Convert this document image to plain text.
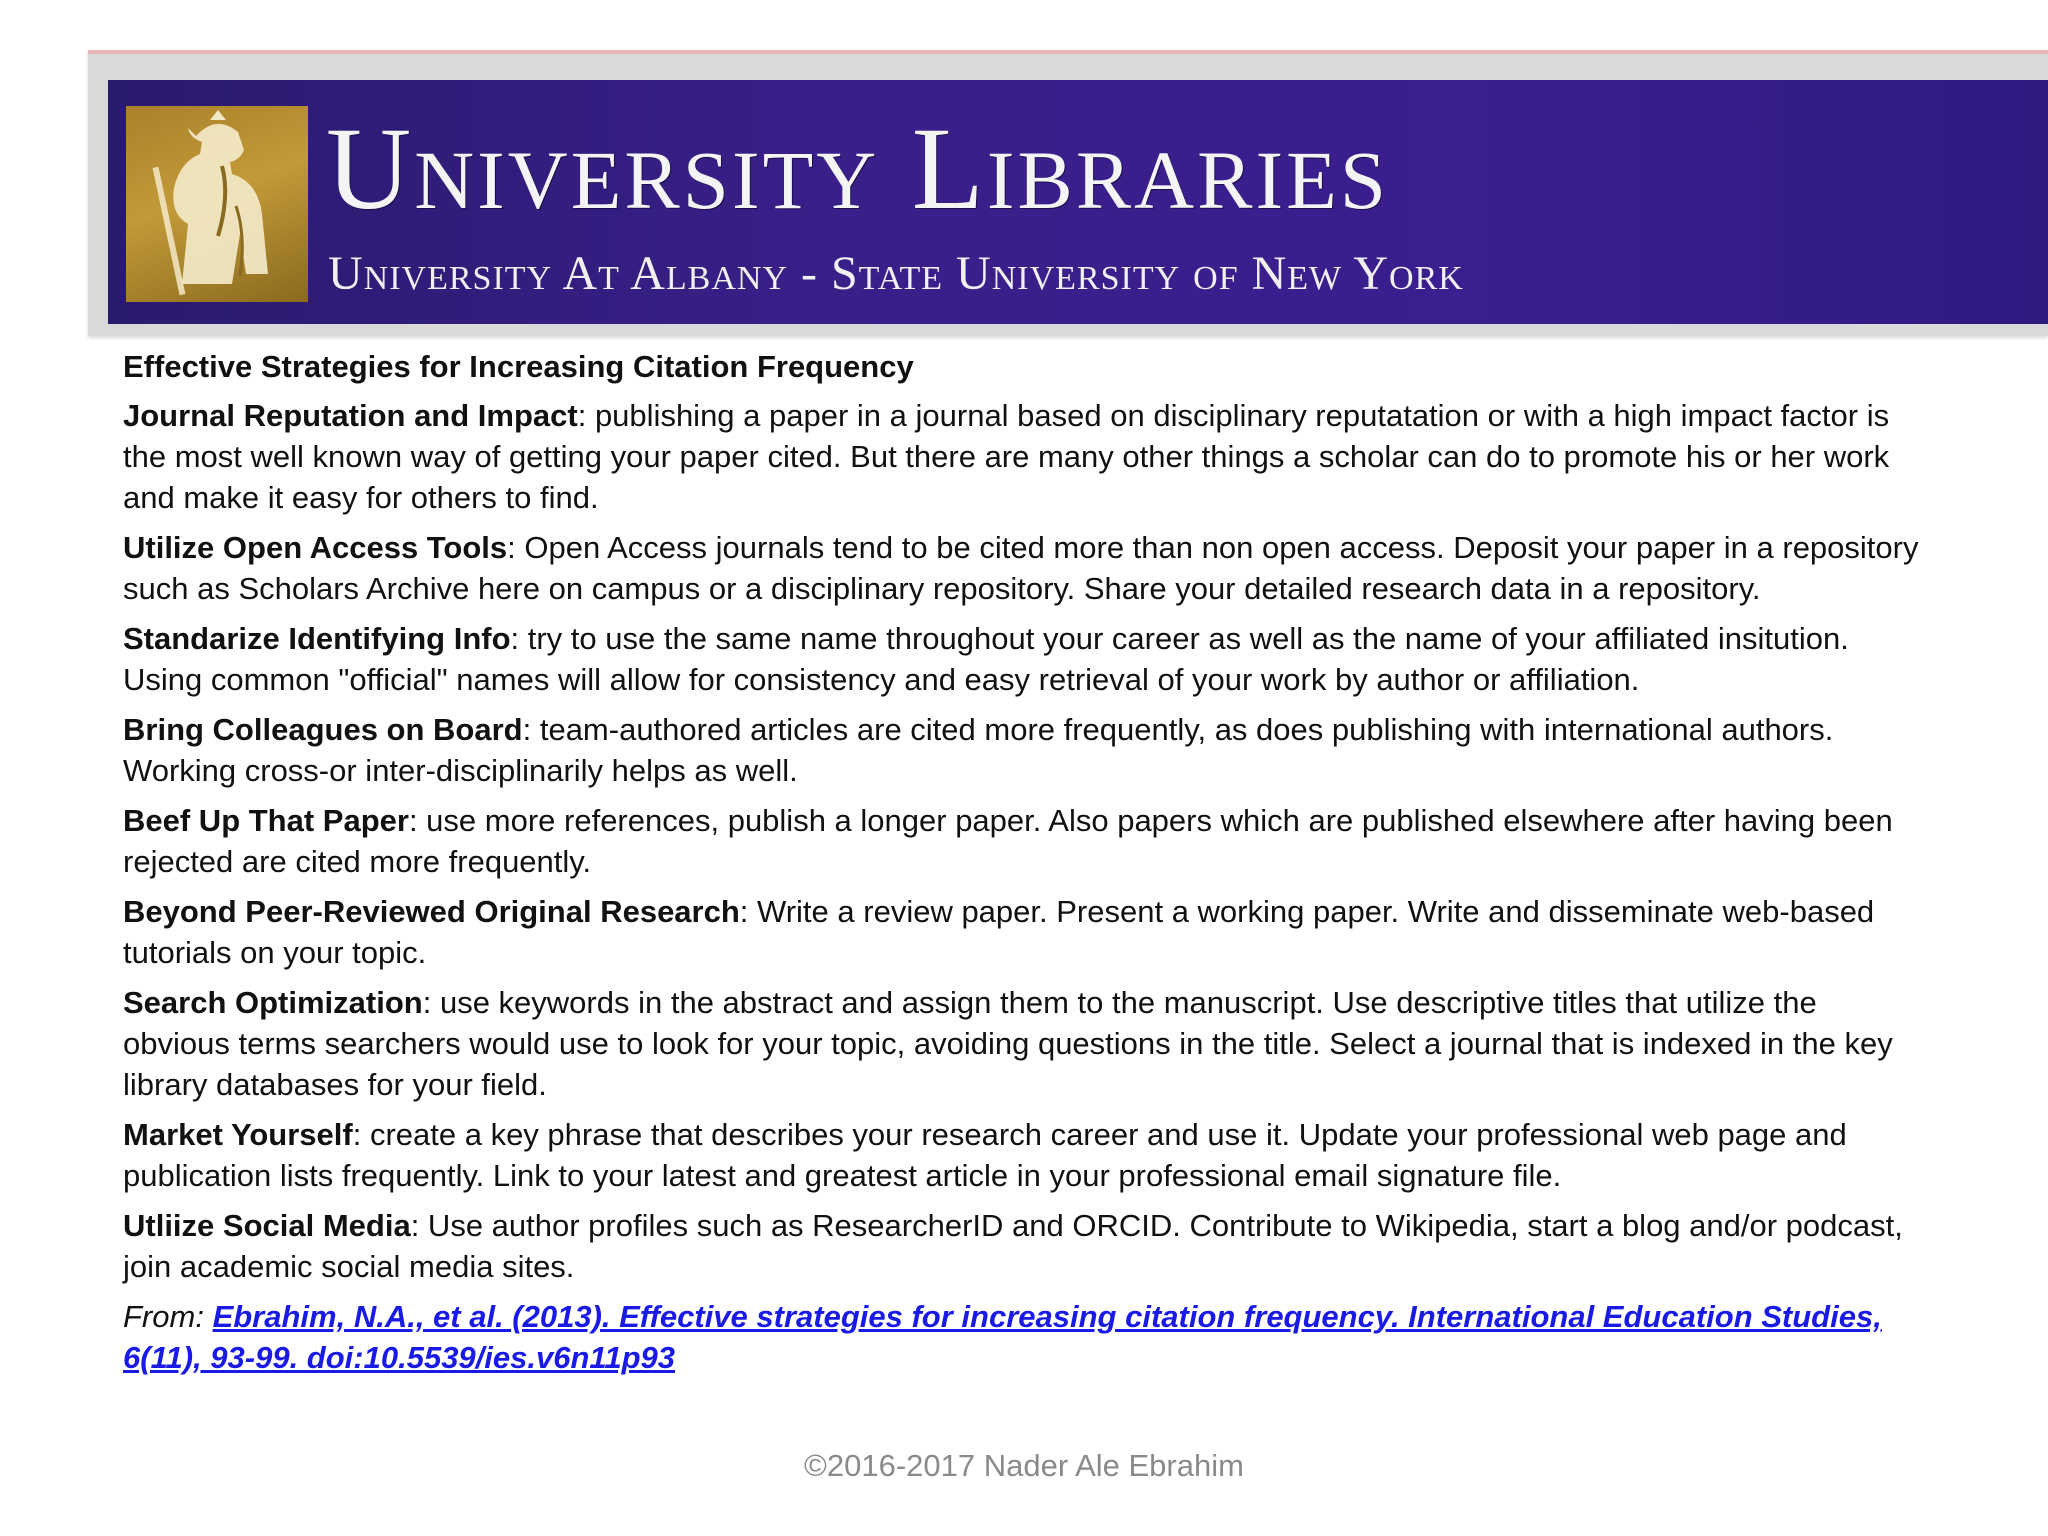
University Libraries
University At Albany - State University of New York

Effective Strategies for Increasing Citation Frequency

Journal Reputation and Impact: publishing a paper in a journal based on disciplinary reputatation or with a high impact factor is the most well known way of getting your paper cited. But there are many other things a scholar can do to promote his or her work and make it easy for others to find.

Utilize Open Access Tools: Open Access journals tend to be cited more than non open access. Deposit your paper in a repository such as Scholars Archive here on campus or a disciplinary repository. Share your detailed research data in a repository.

Standarize Identifying Info: try to use the same name throughout your career as well as the name of your affiliated insitution. Using common "official" names will allow for consistency and easy retrieval of your work by author or affiliation.

Bring Colleagues on Board: team-authored articles are cited more frequently, as does publishing with international authors. Working cross-or inter-disciplinarily helps as well.

Beef Up That Paper: use more references, publish a longer paper. Also papers which are published elsewhere after having been rejected are cited more frequently.

Beyond Peer-Reviewed Original Research: Write a review paper. Present a working paper. Write and disseminate web-based tutorials on your topic.

Search Optimization: use keywords in the abstract and assign them to the manuscript. Use descriptive titles that utilize the obvious terms searchers would use to look for your topic, avoiding questions in the title. Select a journal that is indexed in the key library databases for your field.

Market Yourself: create a key phrase that describes your research career and use it. Update your professional web page and publication lists frequently. Link to your latest and greatest article in your professional email signature file.

Utliize Social Media: Use author profiles such as ResearcherID and ORCID. Contribute to Wikipedia, start a blog and/or podcast, join academic social media sites.

From: Ebrahim, N.A., et al. (2013). Effective strategies for increasing citation frequency. International Education Studies, 6(11), 93-99. doi:10.5539/ies.v6n11p93

©2016-2017 Nader Ale Ebrahim
